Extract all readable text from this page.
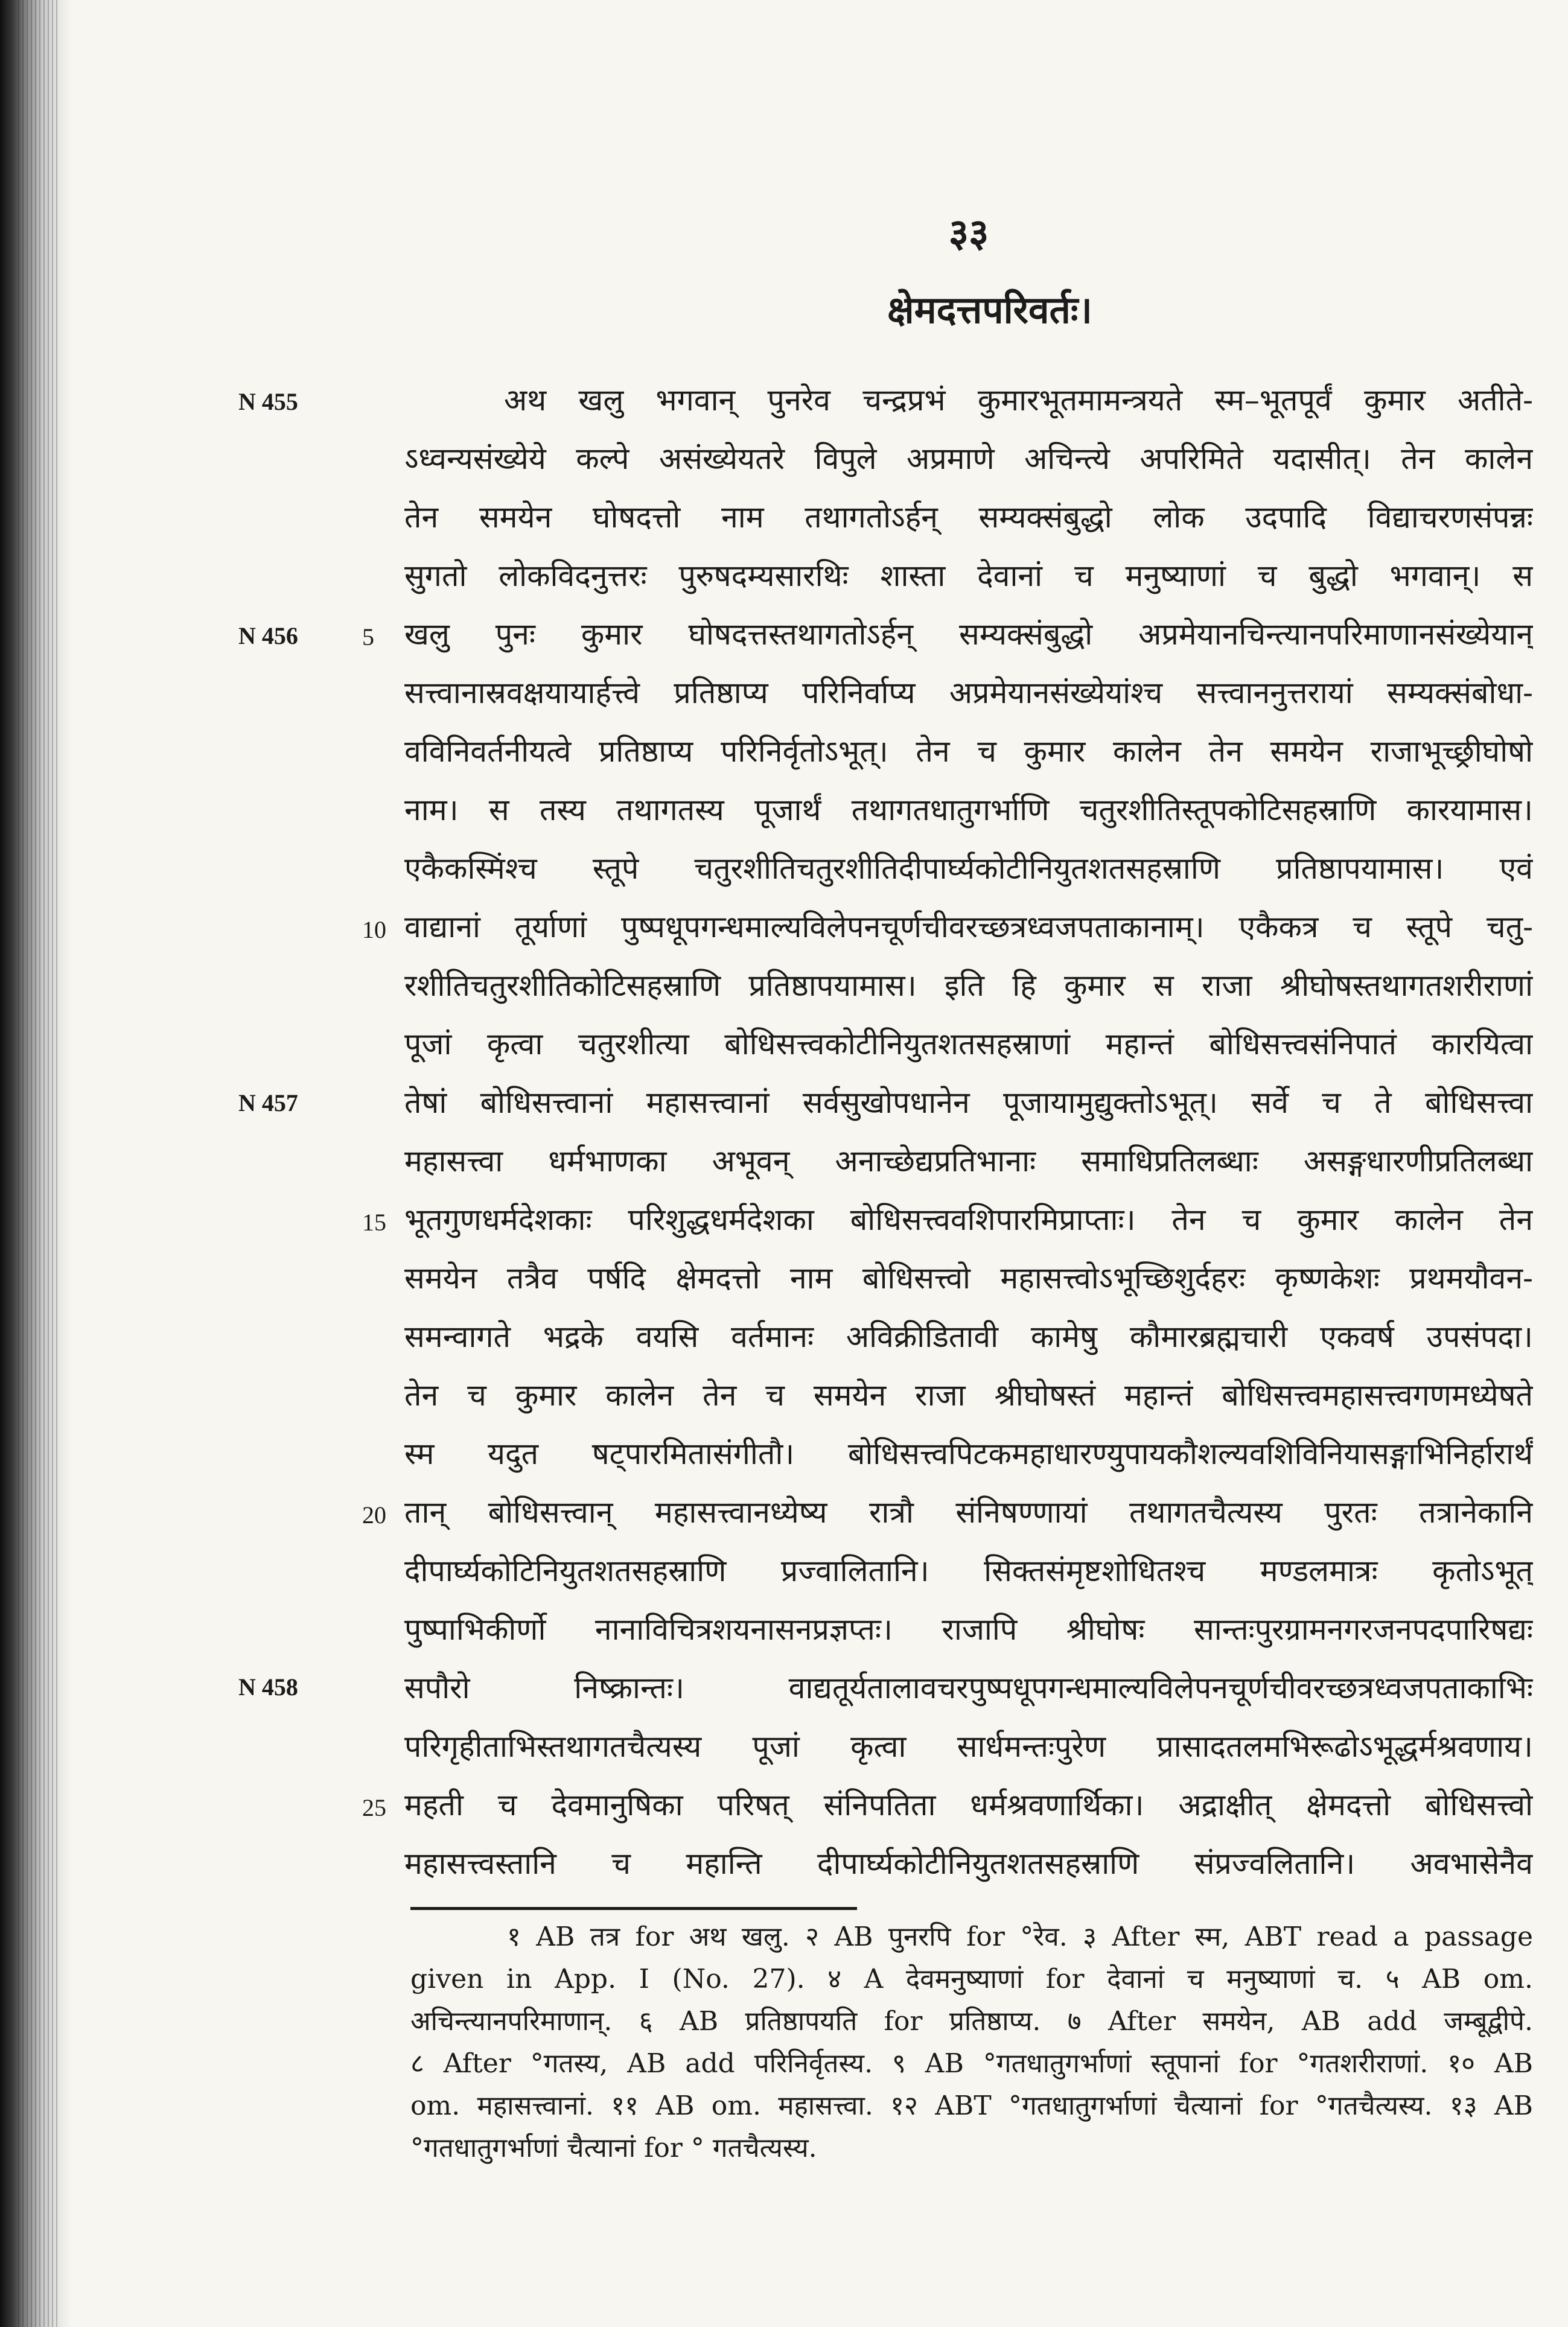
३३
क्षेमदत्तपरिवर्तः।
N 455
N 456
N 457
N 458
5
10
15
20
25
अथ खलु भगवान् पुनरेव चन्द्रप्रभं कुमारभूतमामन्त्रयते स्म–भूतपूर्वं कुमार अतीते-
ऽध्वन्यसंख्येये कल्पे असंख्येयतरे विपुले अप्रमाणे अचिन्त्ये अपरिमिते यदासीत्। तेन कालेन
तेन समयेन घोषदत्तो नाम तथागतोऽर्हन् सम्यक्संबुद्धो लोक उदपादि विद्याचरणसंपन्नः
सुगतो लोकविदनुत्तरः पुरुषदम्यसारथिः शास्ता देवानां च मनुष्याणां च बुद्धो भगवान्। स
खलु पुनः कुमार घोषदत्तस्तथागतोऽर्हन् सम्यक्संबुद्धो अप्रमेयानचिन्त्यानपरिमाणानसंख्येयान्
सत्त्वानास्रवक्षयायार्हत्त्वे प्रतिष्ठाप्य परिनिर्वाप्य अप्रमेयानसंख्येयांश्च सत्त्वाननुत्तरायां सम्यक्संबोधा-
वविनिवर्तनीयत्वे प्रतिष्ठाप्य परिनिर्वृतोऽभूत्। तेन च कुमार कालेन तेन समयेन राजाभूच्छ्रीघोषो
नाम। स तस्य तथागतस्य पूजार्थं तथागतधातुगर्भाणि चतुरशीतिस्तूपकोटिसहस्राणि कारयामास।
एकैकस्मिंश्च स्तूपे चतुरशीतिचतुरशीतिदीपार्घ्यकोटीनियुतशतसहस्राणि प्रतिष्ठापयामास। एवं
वाद्यानां तूर्याणां पुष्पधूपगन्धमाल्यविलेपनचूर्णचीवरच्छत्रध्वजपताकानाम्। एकैकत्र च स्तूपे चतु-
रशीतिचतुरशीतिकोटिसहस्राणि प्रतिष्ठापयामास। इति हि कुमार स राजा श्रीघोषस्तथागतशरीराणां
पूजां कृत्वा चतुरशीत्या बोधिसत्त्वकोटीनियुतशतसहस्राणां महान्तं बोधिसत्त्वसंनिपातं कारयित्वा
तेषां बोधिसत्त्वानां महासत्त्वानां सर्वसुखोपधानेन पूजायामुद्युक्तोऽभूत्। सर्वे च ते बोधिसत्त्वा
महासत्त्वा धर्मभाणका अभूवन् अनाच्छेद्यप्रतिभानाः समाधिप्रतिलब्धाः असङ्गधारणीप्रतिलब्धा
भूतगुणधर्मदेशकाः परिशुद्धधर्मदेशका बोधिसत्त्ववशिपारमिप्राप्ताः। तेन च कुमार कालेन तेन
समयेन तत्रैव पर्षदि क्षेमदत्तो नाम बोधिसत्त्वो महासत्त्वोऽभूच्छिशुर्दहरः कृष्णकेशः प्रथमयौवन-
समन्वागते भद्रके वयसि वर्तमानः अविक्रीडितावी कामेषु कौमारब्रह्मचारी एकवर्ष उपसंपदा।
तेन च कुमार कालेन तेन च समयेन राजा श्रीघोषस्तं महान्तं बोधिसत्त्वमहासत्त्वगणमध्येषते
स्म यदुत षट्पारमितासंगीतौ। बोधिसत्त्वपिटकमहाधारण्युपायकौशल्यवशिविनियासङ्गाभिनिर्हारार्थं
तान् बोधिसत्त्वान् महासत्त्वानध्येष्य रात्रौ संनिषण्णायां तथागतचैत्यस्य पुरतः तत्रानेकानि
दीपार्घ्यकोटिनियुतशतसहस्राणि प्रज्वालितानि। सिक्तसंमृष्टशोधितश्च मण्डलमात्रः कृतोऽभूत्
पुष्पाभिकीर्णो नानाविचित्रशयनासनप्रज्ञप्तः। राजापि श्रीघोषः सान्तःपुरग्रामनगरजनपदपारिषद्यः
सपौरो निष्क्रान्तः। वाद्यतूर्यतालावचरपुष्पधूपगन्धमाल्यविलेपनचूर्णचीवरच्छत्रध्वजपताकाभिः
परिगृहीताभिस्तथागतचैत्यस्य पूजां कृत्वा सार्धमन्तःपुरेण प्रासादतलमभिरूढोऽभूद्धर्मश्रवणाय।
महती च देवमानुषिका परिषत् संनिपतिता धर्मश्रवणार्थिका। अद्राक्षीत् क्षेमदत्तो बोधिसत्त्वो
महासत्त्वस्तानि च महान्ति दीपार्घ्यकोटीनियुतशतसहस्राणि संप्रज्वलितानि। अवभासेनैव
१ AB तत्र for अथ खलु. २ AB पुनरपि for °रेव. ३ After स्म, ABT read a passage
given in App. I (No. 27). ४ A देवमनुष्याणां for देवानां च मनुष्याणां च. ५ AB om.
अचिन्त्यानपरिमाणान्. ६ AB प्रतिष्ठापयति for प्रतिष्ठाप्य. ७ After समयेन, AB add जम्बूद्वीपे.
८ After °गतस्य, AB add परिनिर्वृतस्य. ९ AB °गतधातुगर्भाणां स्तूपानां for °गतशरीराणां. १० AB
om. महासत्त्वानां. ११ AB om. महासत्त्वा. १२ ABT °गतधातुगर्भाणां चैत्यानां for °गतचैत्यस्य. १३ AB
°गतधातुगर्भाणां चैत्यानां for ° गतचैत्यस्य.
